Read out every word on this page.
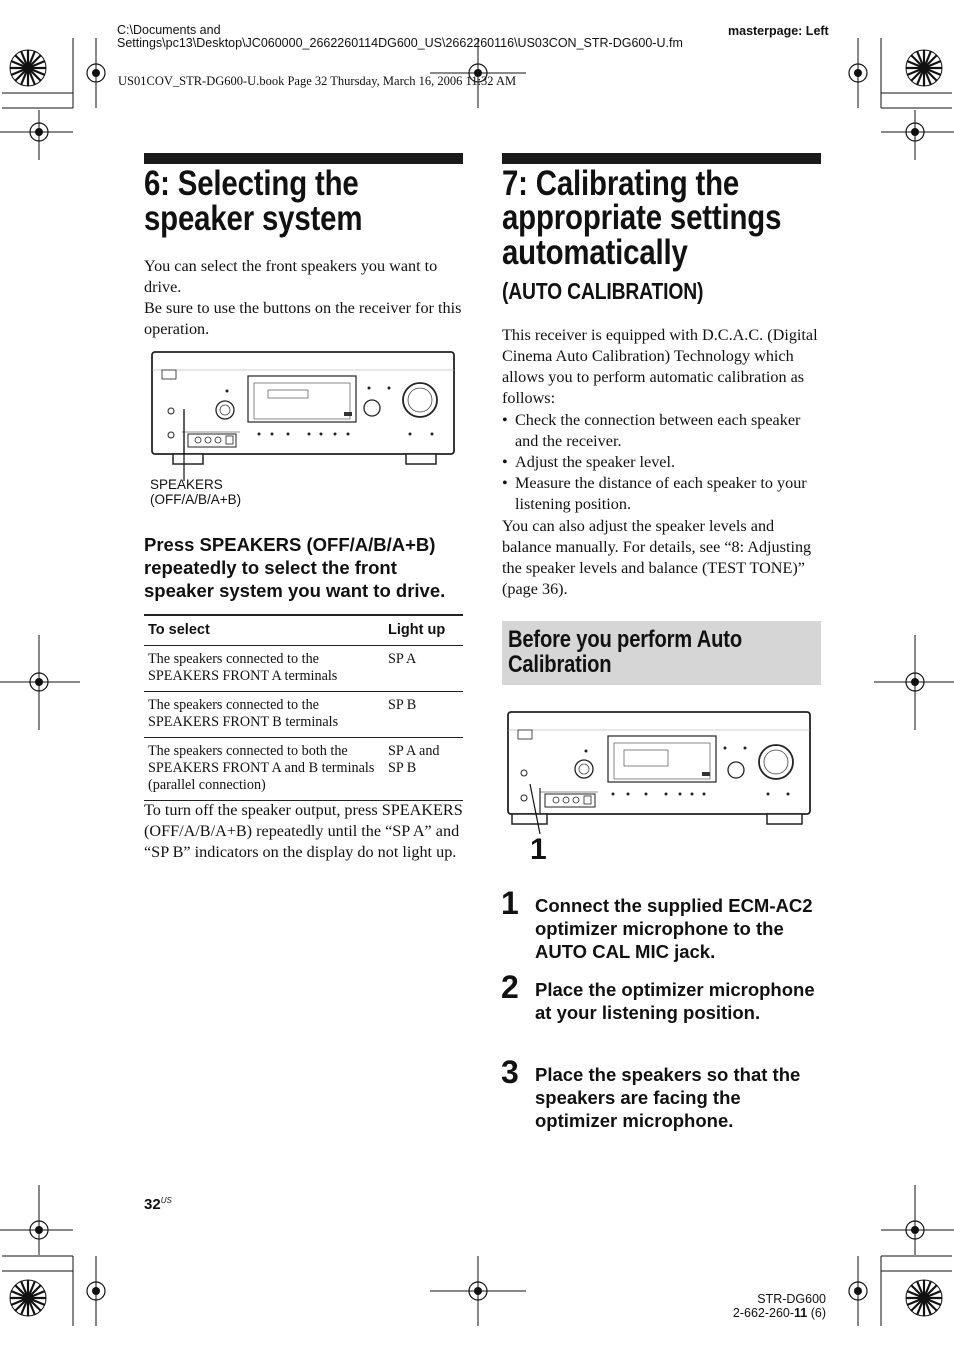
C:\Documents and Settings\pc13\Desktop\JC060000_2662260114DG600_US\2662260116\US03CON_STR-DG600-U.fm
masterpage: Left
US01COV_STR-DG600-U.book Page 32 Thursday, March 16, 2006 11:32 AM
6: Selecting the speaker system
You can select the front speakers you want to drive.
Be sure to use the buttons on the receiver for this operation.
SPEAKERS (OFF/A/B/A+B)
Press SPEAKERS (OFF/A/B/A+B) repeatedly to select the front speaker system you want to drive.
To select	Light up
The speakers connected to the SPEAKERS FRONT A terminals	SP A
The speakers connected to the SPEAKERS FRONT B terminals	SP B
The speakers connected to both the SPEAKERS FRONT A and B terminals (parallel connection)	SP A and SP B
To turn off the speaker output, press SPEAKERS (OFF/A/B/A+B) repeatedly until the “SP A” and “SP B” indicators on the display do not light up.
7: Calibrating the
appropriate settings
automatically
(AUTO CALIBRATION)
This receiver is equipped with D.C.A.C. (Digital Cinema Auto Calibration) Technology which allows you to perform automatic calibration as follows:
• Check the connection between each speaker and the receiver.
• Adjust the speaker level.
• Measure the distance of each speaker to your listening position.
You can also adjust the speaker levels and balance manually. For details, see “8: Adjusting the speaker levels and balance (TEST TONE)” (page 36).
Before you perform Auto Calibration
1
1 Connect the supplied ECM-AC2 optimizer microphone to the AUTO CAL MIC jack.
2 Place the optimizer microphone at your listening position.
3 Place the speakers so that the speakers are facing the optimizer microphone.
$32^{US}$
STR-DG600
2-662-260-11 (6)
